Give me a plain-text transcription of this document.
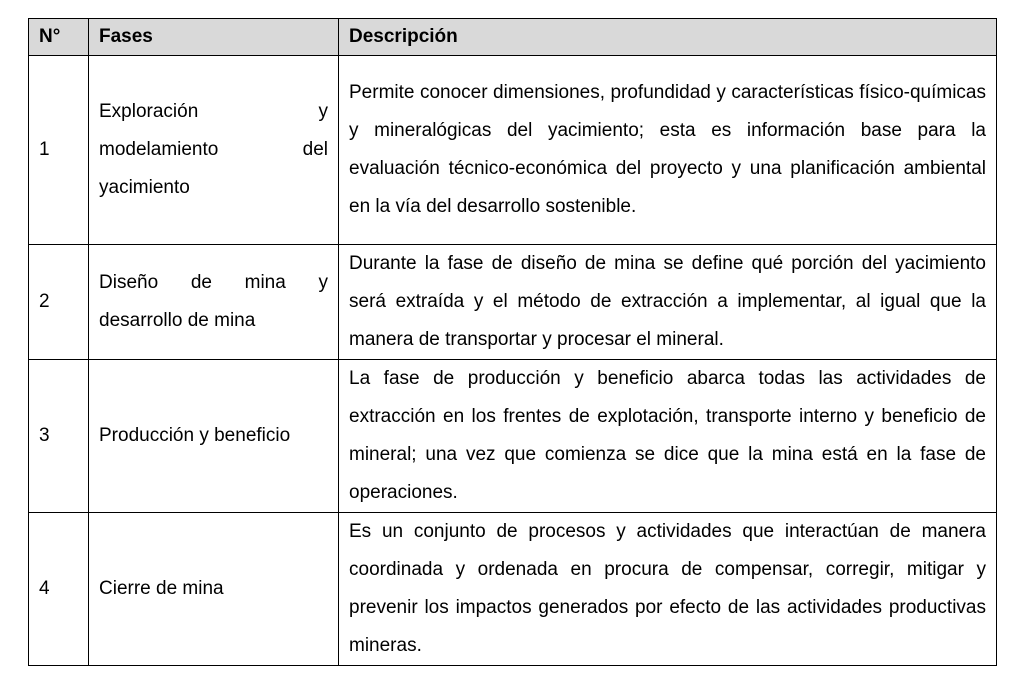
N°	Fases	Descripción
1	Exploración y modelamiento del yacimiento	Permite conocer dimensiones, profundidad y características físico-químicas y mineralógicas del yacimiento; esta es información base para la evaluación técnico-económica del proyecto y una planificación ambiental en la vía del desarrollo sostenible.
2	Diseño de mina y desarrollo de mina	Durante la fase de diseño de mina se define qué porción del yacimiento será extraída y el método de extracción a implementar, al igual que la manera de transportar y procesar el mineral.
3	Producción y beneficio	La fase de producción y beneficio abarca todas las actividades de extracción en los frentes de explotación, transporte interno y beneficio de mineral; una vez que comienza se dice que la mina está en la fase de operaciones.
4	Cierre de mina	Es un conjunto de procesos y actividades que interactúan de manera coordinada y ordenada en procura de compensar, corregir, mitigar y prevenir los impactos generados por efecto de las actividades productivas mineras.
